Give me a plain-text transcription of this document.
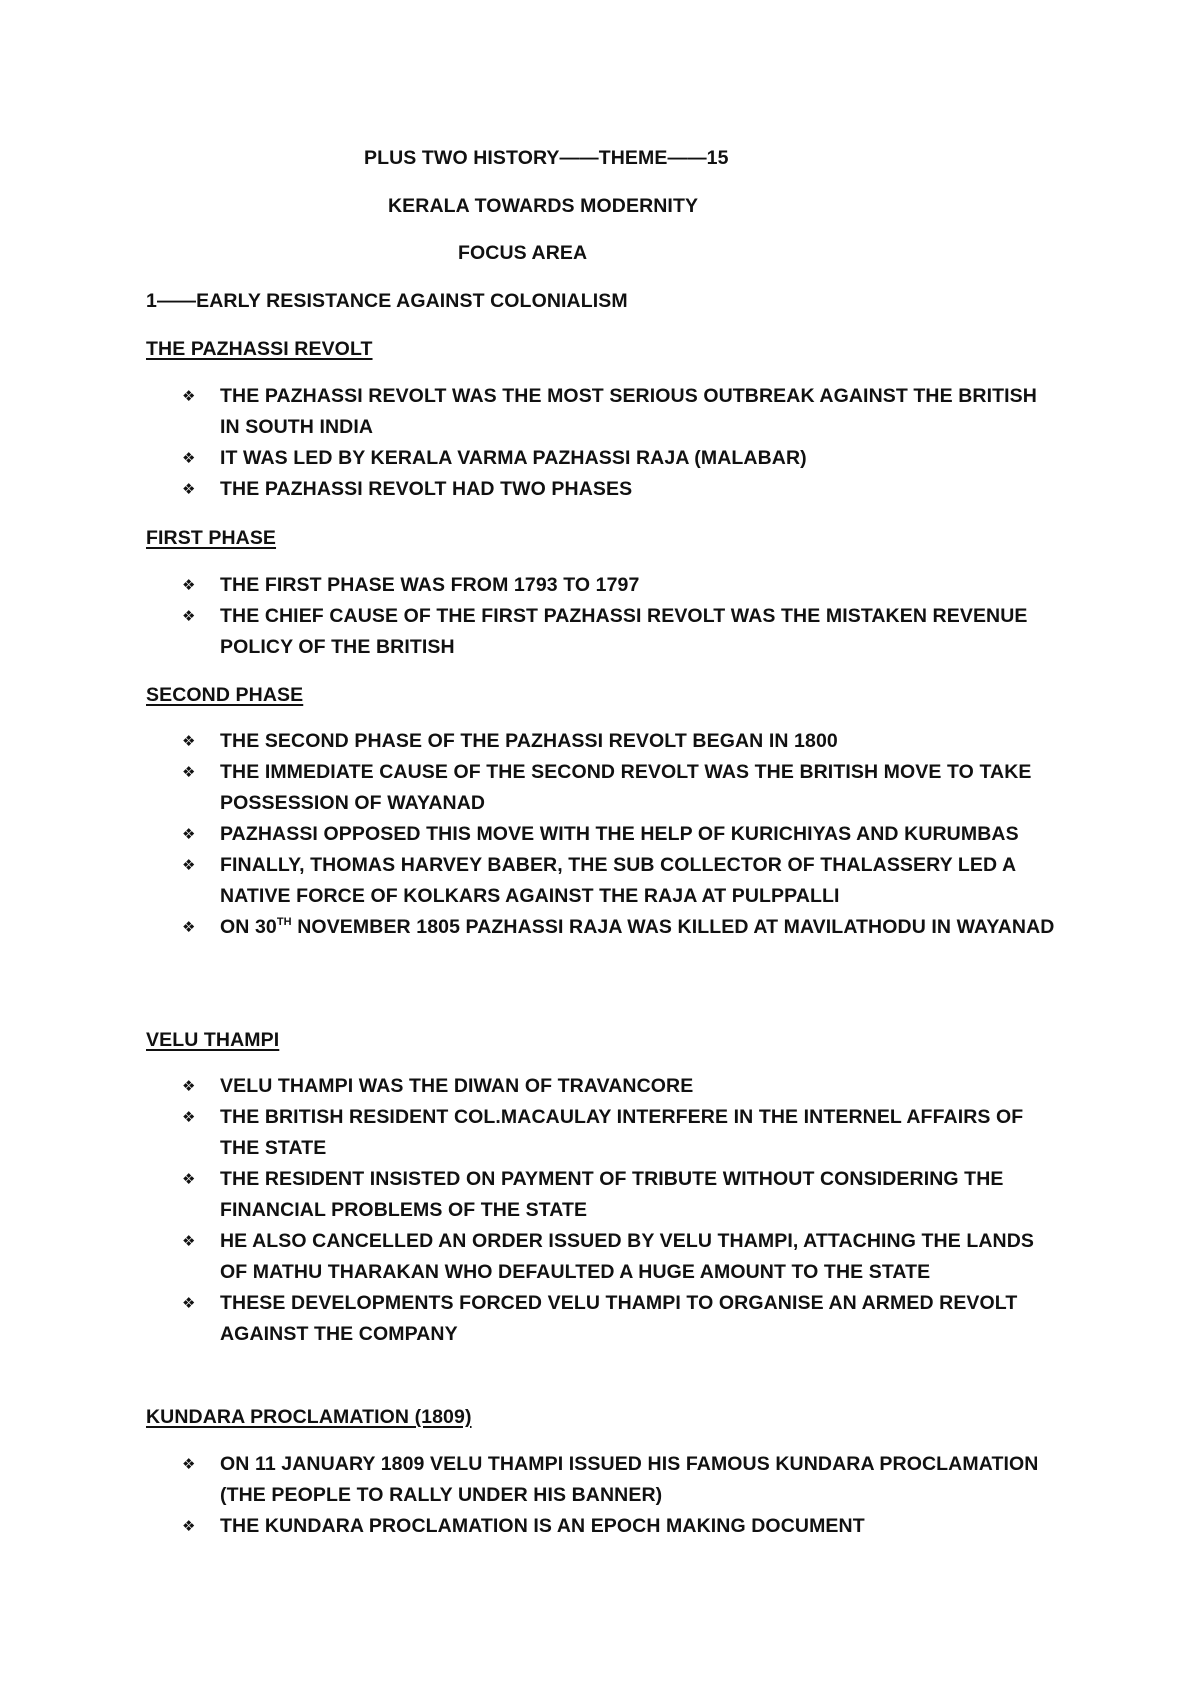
PLUS TWO HISTORY——THEME——15
KERALA TOWARDS MODERNITY
FOCUS AREA
1——EARLY RESISTANCE AGAINST COLONIALISM
THE PAZHASSI REVOLT
❖ THE PAZHASSI REVOLT WAS THE MOST SERIOUS OUTBREAK AGAINST THE BRITISH IN SOUTH INDIA
❖ IT WAS LED BY KERALA VARMA PAZHASSI RAJA (MALABAR)
❖ THE PAZHASSI REVOLT HAD TWO PHASES
FIRST PHASE
❖ THE FIRST PHASE WAS FROM 1793 TO 1797
❖ THE CHIEF CAUSE OF THE FIRST PAZHASSI REVOLT WAS THE MISTAKEN REVENUE POLICY OF THE BRITISH
SECOND PHASE
❖ THE SECOND PHASE OF THE PAZHASSI REVOLT BEGAN IN 1800
❖ THE IMMEDIATE CAUSE OF THE SECOND REVOLT WAS THE BRITISH MOVE TO TAKE POSSESSION OF WAYANAD
❖ PAZHASSI OPPOSED THIS MOVE WITH THE HELP OF KURICHIYAS AND KURUMBAS
❖ FINALLY, THOMAS HARVEY BABER, THE SUB COLLECTOR OF THALASSERY LED A NATIVE FORCE OF KOLKARS AGAINST THE RAJA AT PULPPALLI
❖ ON 30TH NOVEMBER 1805 PAZHASSI RAJA WAS KILLED AT MAVILATHODU IN WAYANAD
VELU THAMPI
❖ VELU THAMPI WAS THE DIWAN OF TRAVANCORE
❖ THE BRITISH RESIDENT COL.MACAULAY INTERFERE IN THE INTERNEL AFFAIRS OF THE STATE
❖ THE RESIDENT INSISTED ON PAYMENT OF TRIBUTE WITHOUT CONSIDERING THE FINANCIAL PROBLEMS OF THE STATE
❖ HE ALSO CANCELLED AN ORDER ISSUED BY VELU THAMPI, ATTACHING THE LANDS OF MATHU THARAKAN WHO DEFAULTED A HUGE AMOUNT TO THE STATE
❖ THESE DEVELOPMENTS FORCED VELU THAMPI TO ORGANISE AN ARMED REVOLT AGAINST THE COMPANY
KUNDARA PROCLAMATION (1809)
❖ ON 11 JANUARY 1809 VELU THAMPI ISSUED HIS FAMOUS KUNDARA PROCLAMATION (THE PEOPLE TO RALLY UNDER HIS BANNER)
❖ THE KUNDARA PROCLAMATION IS AN EPOCH MAKING DOCUMENT
